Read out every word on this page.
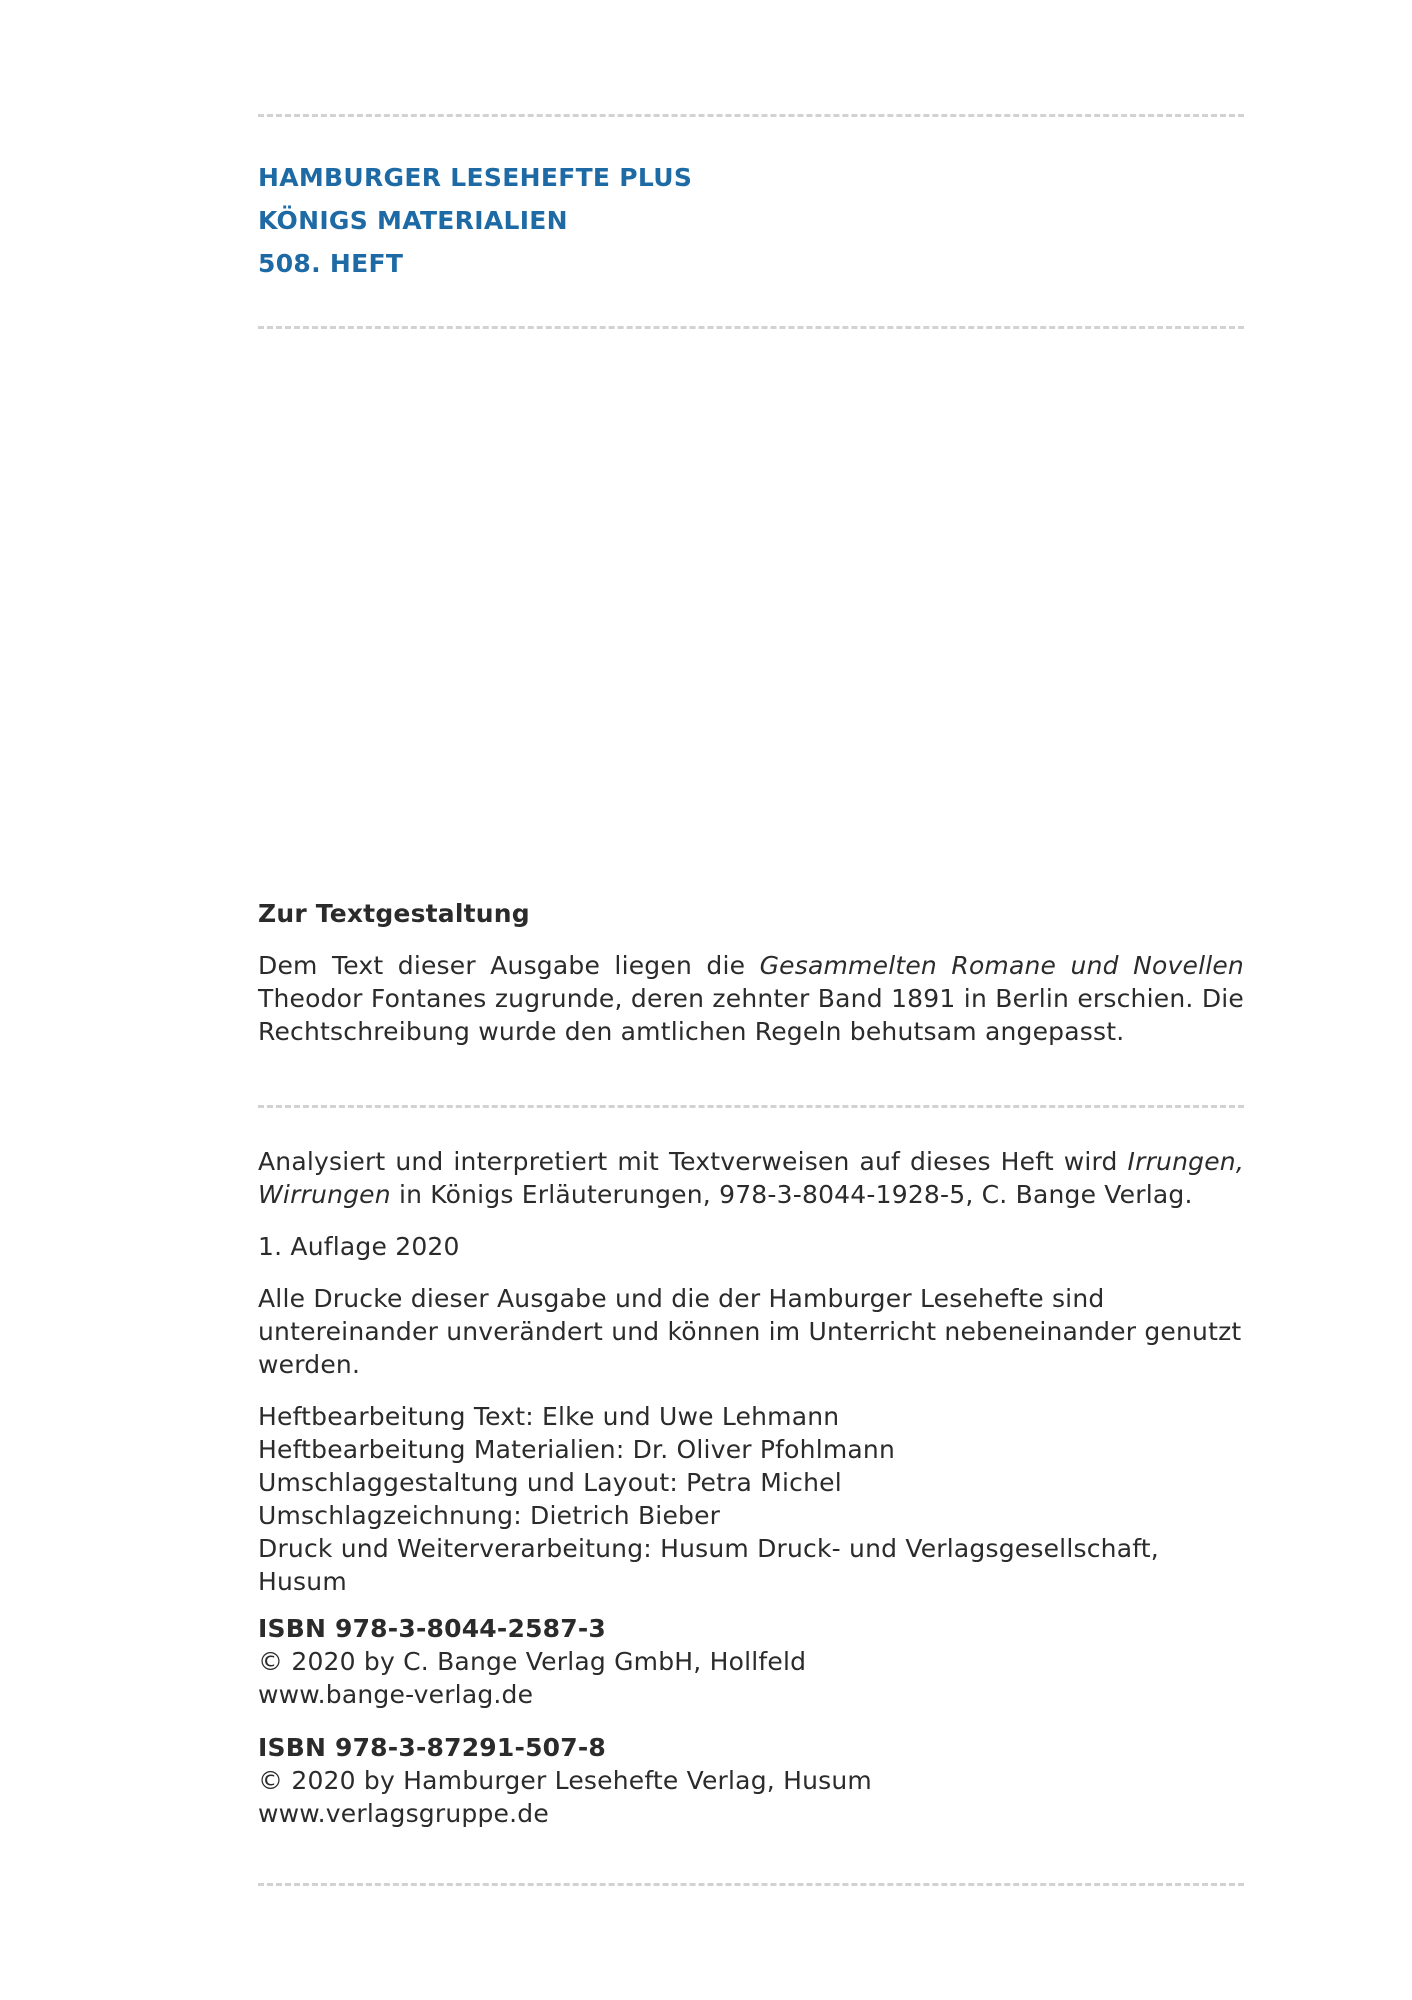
HAMBURGER LESEHEFTE PLUS
KÖNIGS MATERIALIEN
508. HEFT

Zur Textgestaltung

Dem Text dieser Ausgabe liegen die Gesammelten Romane und Novellen Theodor Fontanes zugrunde, deren zehnter Band 1891 in Berlin erschien. Die Rechtschreibung wurde den amtlichen Regeln behutsam angepasst.

Analysiert und interpretiert mit Textverweisen auf dieses Heft wird Irrungen, Wirrungen in Königs Erläuterungen, 978-3-8044-1928-5, C. Bange Verlag.

1. Auflage 2020

Alle Drucke dieser Ausgabe und die der Hamburger Lesehefte sind untereinander unverändert und können im Unterricht nebeneinander genutzt werden.

Heftbearbeitung Text: Elke und Uwe Lehmann

Heftbearbeitung Materialien: Dr. Oliver Pfohlmann

Umschlaggestaltung und Layout: Petra Michel

Umschlagzeichnung: Dietrich Bieber

Druck und Weiterverarbeitung: Husum Druck- und Verlagsgesellschaft, Husum

ISBN 978-3-8044-2587-3

© 2020 by C. Bange Verlag GmbH, Hollfeld

www.bange-verlag.de

ISBN 978-3-87291-507-8

© 2020 by Hamburger Lesehefte Verlag, Husum

www.verlagsgruppe.de
